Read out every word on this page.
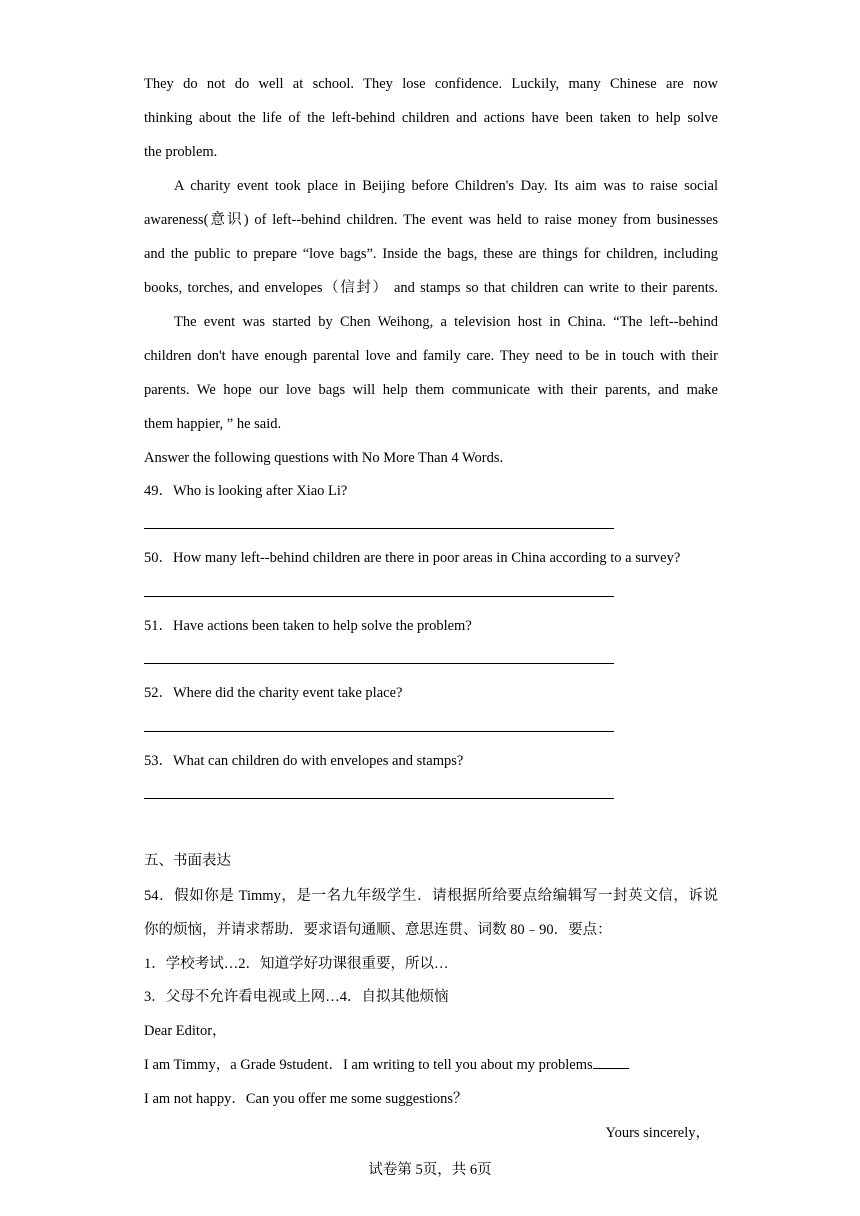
They do not do well at school. They lose confidence. Luckily, many Chinese are now
thinking about the life of the left-behind children and actions have been taken to help solve
the problem.
A charity event took place in Beijing before Children's Day. Its aim was to raise social
awareness(意识) of left--behind children. The event was held to raise money from businesses
and the public to prepare “love bags”. Inside the bags, these are things for children, including
books, torches, and envelopes（信封） and stamps so that children can write to their parents.
The event was started by Chen Weihong, a television host in China. “The left--behind
children don't have enough parental love and family care. They need to be in touch with their
parents. We hope our love bags will help them communicate with their parents, and make
them happier, ” he said.
Answer the following questions with No More Than 4 Words.
49．Who is looking after Xiao Li?
50．How many left--behind children are there in poor areas in China according to a survey?
51．Have actions been taken to help solve the problem?
52．Where did the charity event take place?
53．What can children do with envelopes and stamps?
五、书面表达
54．假如你是 Timmy，是一名九年级学生．请根据所给要点给编辑写一封英文信，诉说
你的烦恼，并请求帮助．要求语句通顺、意思连贯、词数 80﹣90．要点：
1．学校考试…2．知道学好功课很重要，所以…
3．父母不允许看电视或上网…4．自拟其他烦恼
Dear Editor，
I am Timmy，a Grade 9student．I am writing to tell you about my problems
I am not happy．Can you offer me some suggestions？
Yours sincerely，
试卷第 5页，共 6页
